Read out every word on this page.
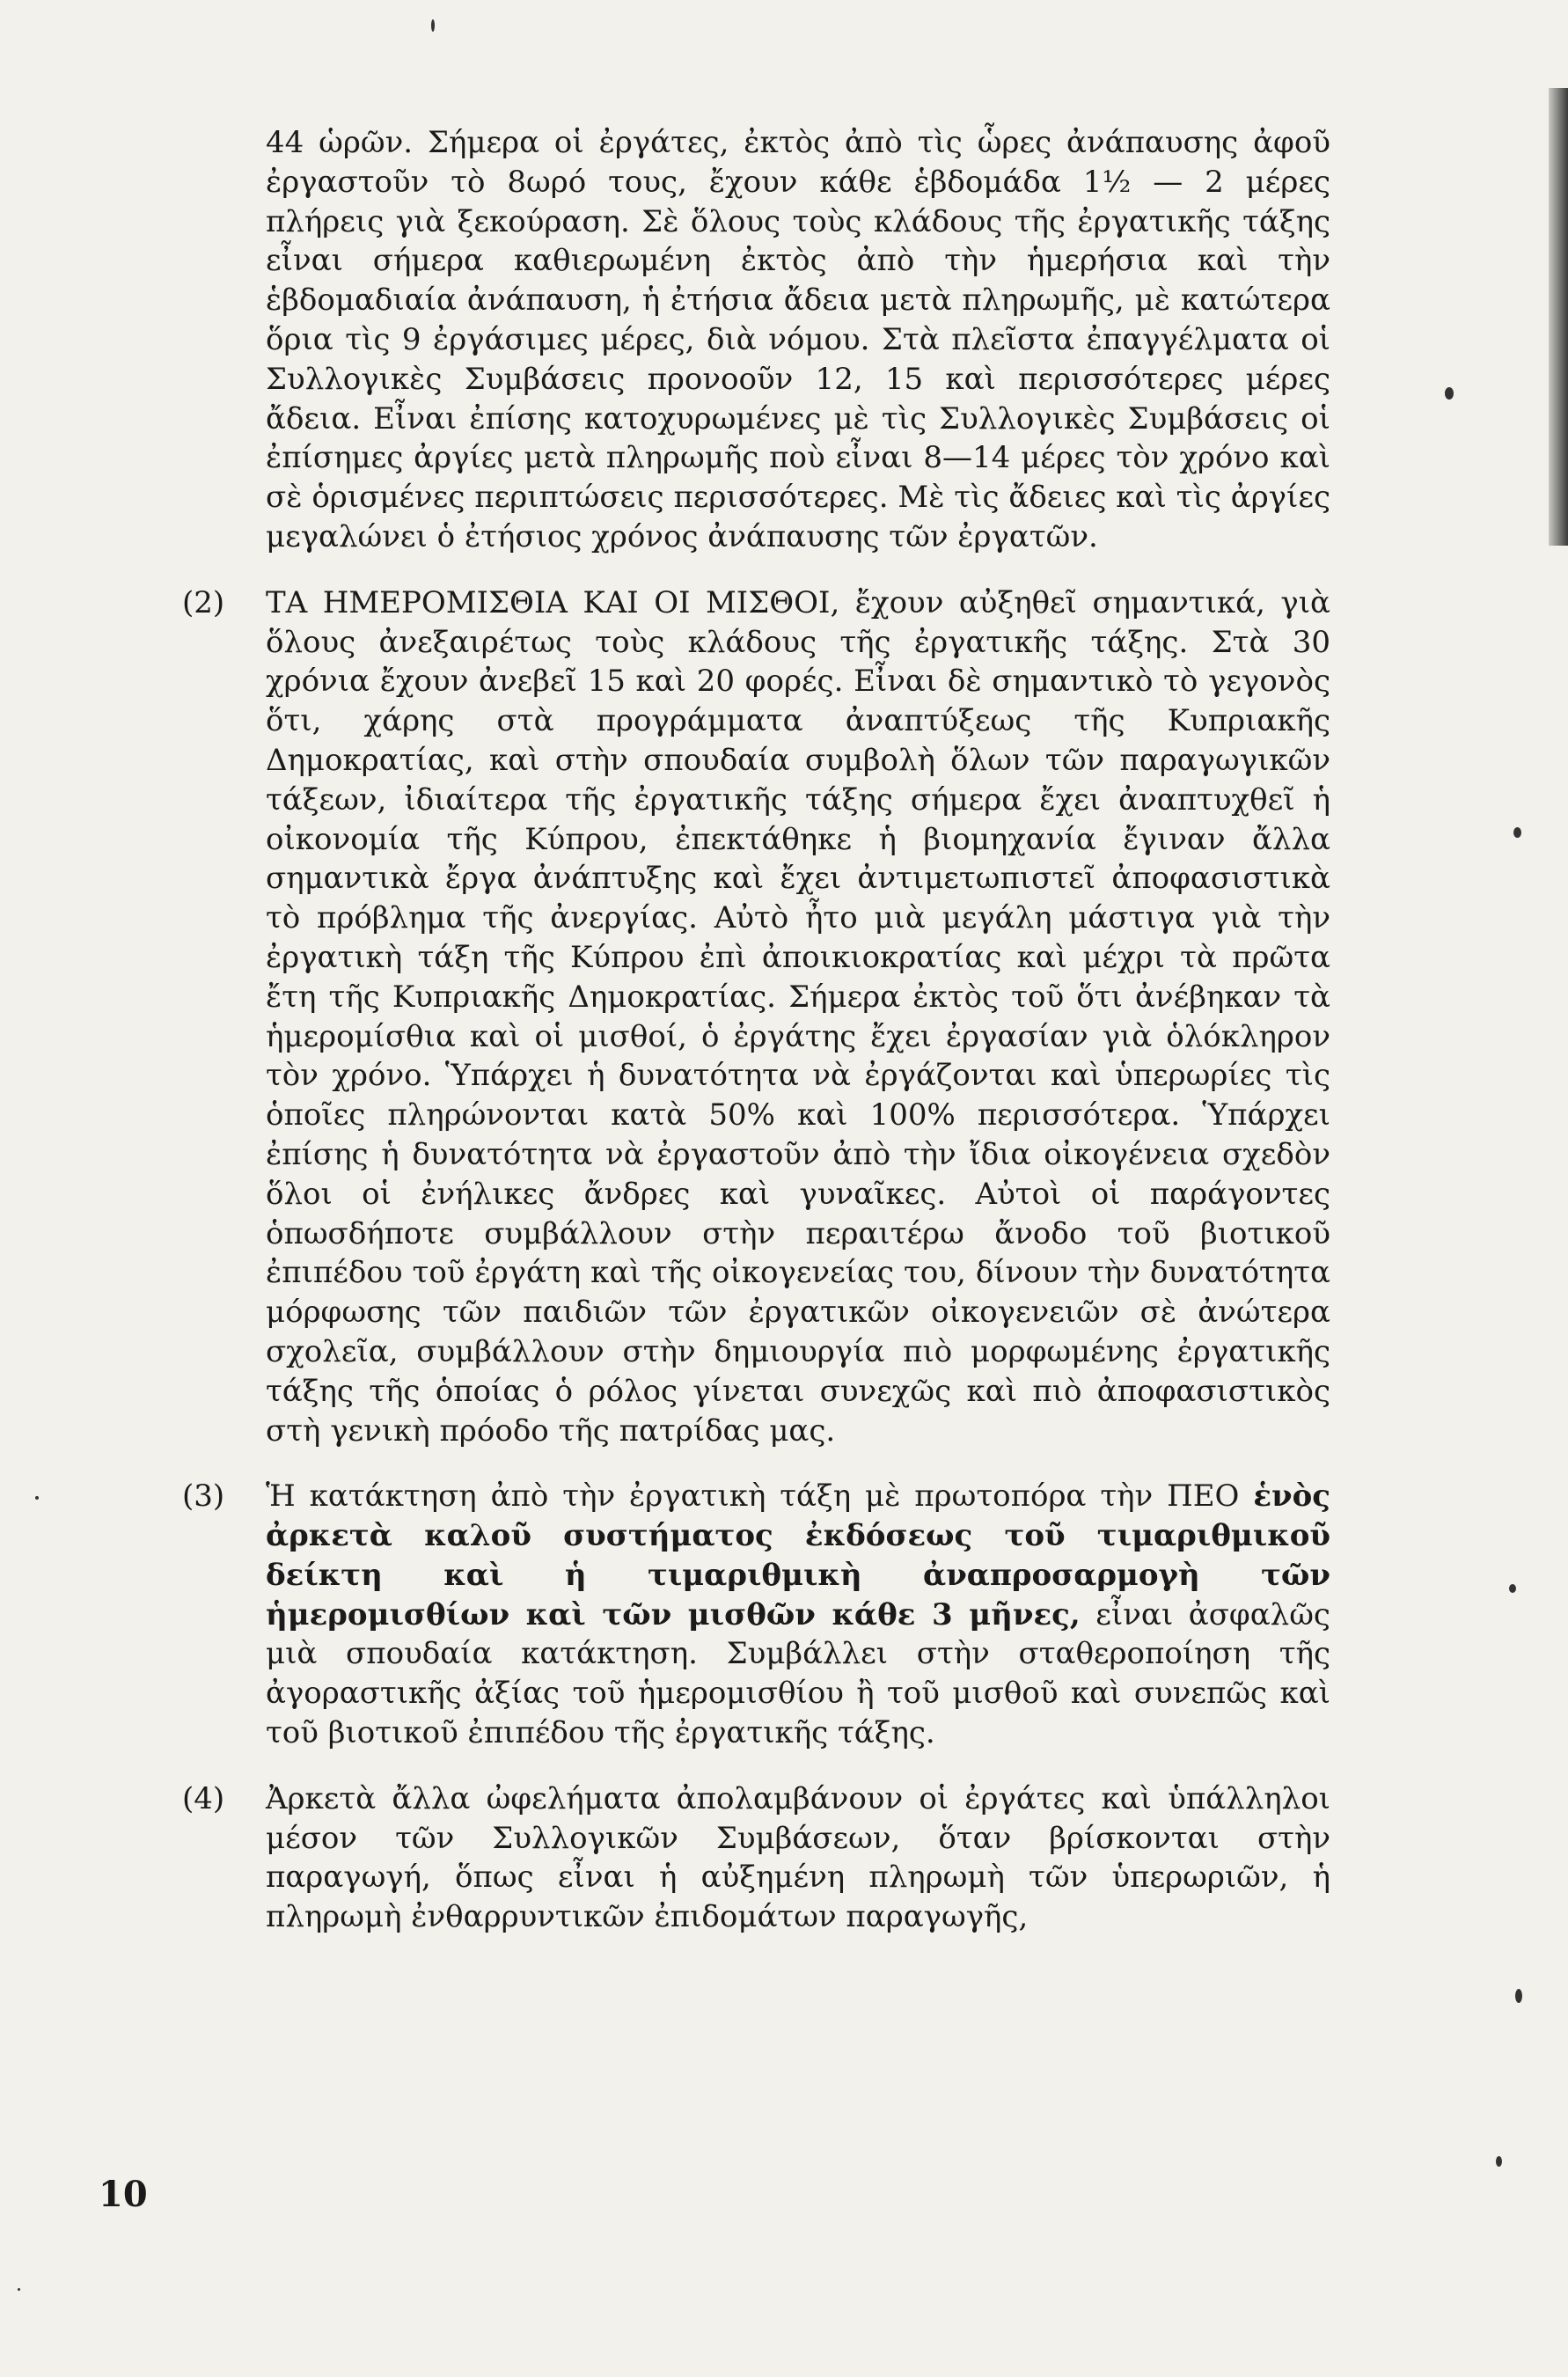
44 ὡρῶν. Σήμερα οἱ ἐργάτες, ἐκτὸς ἀπὸ τὶς ὧρες ἀνάπαυσης ἀφοῦ ἐργαστοῦν τὸ 8ωρό τους, ἔχουν κάθε ἑβδομάδα 1½ — 2 μέρες πλήρεις γιὰ ξεκούραση. Σὲ ὅλους τοὺς κλάδους τῆς ἐργατικῆς τάξης εἶναι σήμερα καθιερωμένη ἐκτὸς ἀπὸ τὴν ἡμερήσια καὶ τὴν ἑβδομαδιαία ἀνάπαυση, ἡ ἐτήσια ἄδεια μετὰ πληρωμῆς, μὲ κατώτερα ὅρια τὶς 9 ἐργάσιμες μέρες, διὰ νόμου. Στὰ πλεῖστα ἐπαγγέλματα οἱ Συλλογικὲς Συμβάσεις προνοοῦν 12, 15 καὶ περισσότερες μέρες ἄδεια. Εἶναι ἐπίσης κατοχυρωμένες μὲ τὶς Συλλογικὲς Συμβάσεις οἱ ἐπίσημες ἀργίες μετὰ πληρωμῆς ποὺ εἶναι 8—14 μέρες τὸν χρόνο καὶ σὲ ὁρισμένες περιπτώσεις περισσότερες. Μὲ τὶς ἄδειες καὶ τὶς ἀργίες μεγαλώνει ὁ ἐτήσιος χρόνος ἀνάπαυσης τῶν ἐργατῶν.

(2)	ΤΑ ΗΜΕΡΟΜΙΣΘΙΑ ΚΑΙ ΟΙ ΜΙΣΘΟΙ, ἔχουν αὐξηθεῖ σημαντικά, γιὰ ὅλους ἀνεξαιρέτως τοὺς κλάδους τῆς ἐργατικῆς τάξης. Στὰ 30 χρόνια ἔχουν ἀνεβεῖ 15 καὶ 20 φορές. Εἶναι δὲ σημαντικὸ τὸ γεγονὸς ὅτι, χάρης στὰ προγράμματα ἀναπτύξεως τῆς Κυπριακῆς Δημοκρατίας, καὶ στὴν σπουδαία συμβολὴ ὅλων τῶν παραγωγικῶν τάξεων, ἰδιαίτερα τῆς ἐργατικῆς τάξης σήμερα ἔχει ἀναπτυχθεῖ ἡ οἰκονομία τῆς Κύπρου, ἐπεκτάθηκε ἡ βιομηχανία ἔγιναν ἄλλα σημαντικὰ ἔργα ἀνάπτυξης καὶ ἔχει ἀντιμετωπιστεῖ ἀποφασιστικὰ τὸ πρόβλημα τῆς ἀνεργίας. Αὐτὸ ἦτο μιὰ μεγάλη μάστιγα γιὰ τὴν ἐργατικὴ τάξη τῆς Κύπρου ἐπὶ ἀποικιοκρατίας καὶ μέχρι τὰ πρῶτα ἔτη τῆς Κυπριακῆς Δημοκρατίας. Σήμερα ἐκτὸς τοῦ ὅτι ἀνέβηκαν τὰ ἡμερομίσθια καὶ οἱ μισθοί, ὁ ἐργάτης ἔχει ἐργασίαν γιὰ ὁλόκληρον τὸν χρόνο. Ὑπάρχει ἡ δυνατότητα νὰ ἐργάζονται καὶ ὑπερωρίες τὶς ὁποῖες πληρώνονται κατὰ 50% καὶ 100% περισσότερα. Ὑπάρχει ἐπίσης ἡ δυνατότητα νὰ ἐργαστοῦν ἀπὸ τὴν ἴδια οἰκογένεια σχεδὸν ὅλοι οἱ ἐνήλικες ἄνδρες καὶ γυναῖκες. Αὐτοὶ οἱ παράγοντες ὁπωσδήποτε συμβάλλουν στὴν περαιτέρω ἄνοδο τοῦ βιοτικοῦ ἐπιπέδου τοῦ ἐργάτη καὶ τῆς οἰκογενείας του, δίνουν τὴν δυνατότητα μόρφωσης τῶν παιδιῶν τῶν ἐργατικῶν οἰκογενειῶν σὲ ἀνώτερα σχολεῖα, συμβάλλουν στὴν δημιουργία πιὸ μορφωμένης ἐργατικῆς τάξης τῆς ὁποίας ὁ ρόλος γίνεται συνεχῶς καὶ πιὸ ἀποφασιστικὸς στὴ γενικὴ πρόοδο τῆς πατρίδας μας.

(3)	Ἡ κατάκτηση ἀπὸ τὴν ἐργατικὴ τάξη μὲ πρωτοπόρα τὴν ΠΕΟ ἑνὸς ἀρκετὰ καλοῦ συστήματος ἐκδόσεως τοῦ τιμαριθμικοῦ δείκτη καὶ ἡ τιμαριθμικὴ ἀναπροσαρμογὴ τῶν ἡμερομισθίων καὶ τῶν μισθῶν κάθε 3 μῆνες, εἶναι ἀσφαλῶς μιὰ σπουδαία κατάκτηση. Συμβάλλει στὴν σταθεροποίηση τῆς ἀγοραστικῆς ἀξίας τοῦ ἡμερομισθίου ἢ τοῦ μισθοῦ καὶ συνεπῶς καὶ τοῦ βιοτικοῦ ἐπιπέδου τῆς ἐργατικῆς τάξης.

(4)	Ἀρκετὰ ἄλλα ὠφελήματα ἀπολαμβάνουν οἱ ἐργάτες καὶ ὑπάλληλοι μέσον τῶν Συλλογικῶν Συμβάσεων, ὅταν βρίσκονται στὴν παραγωγή, ὅπως εἶναι ἡ αὐξημένη πληρωμὴ τῶν ὑπερωριῶν, ἡ πληρωμὴ ἐνθαρρυντικῶν ἐπιδομάτων παραγωγῆς,

10
